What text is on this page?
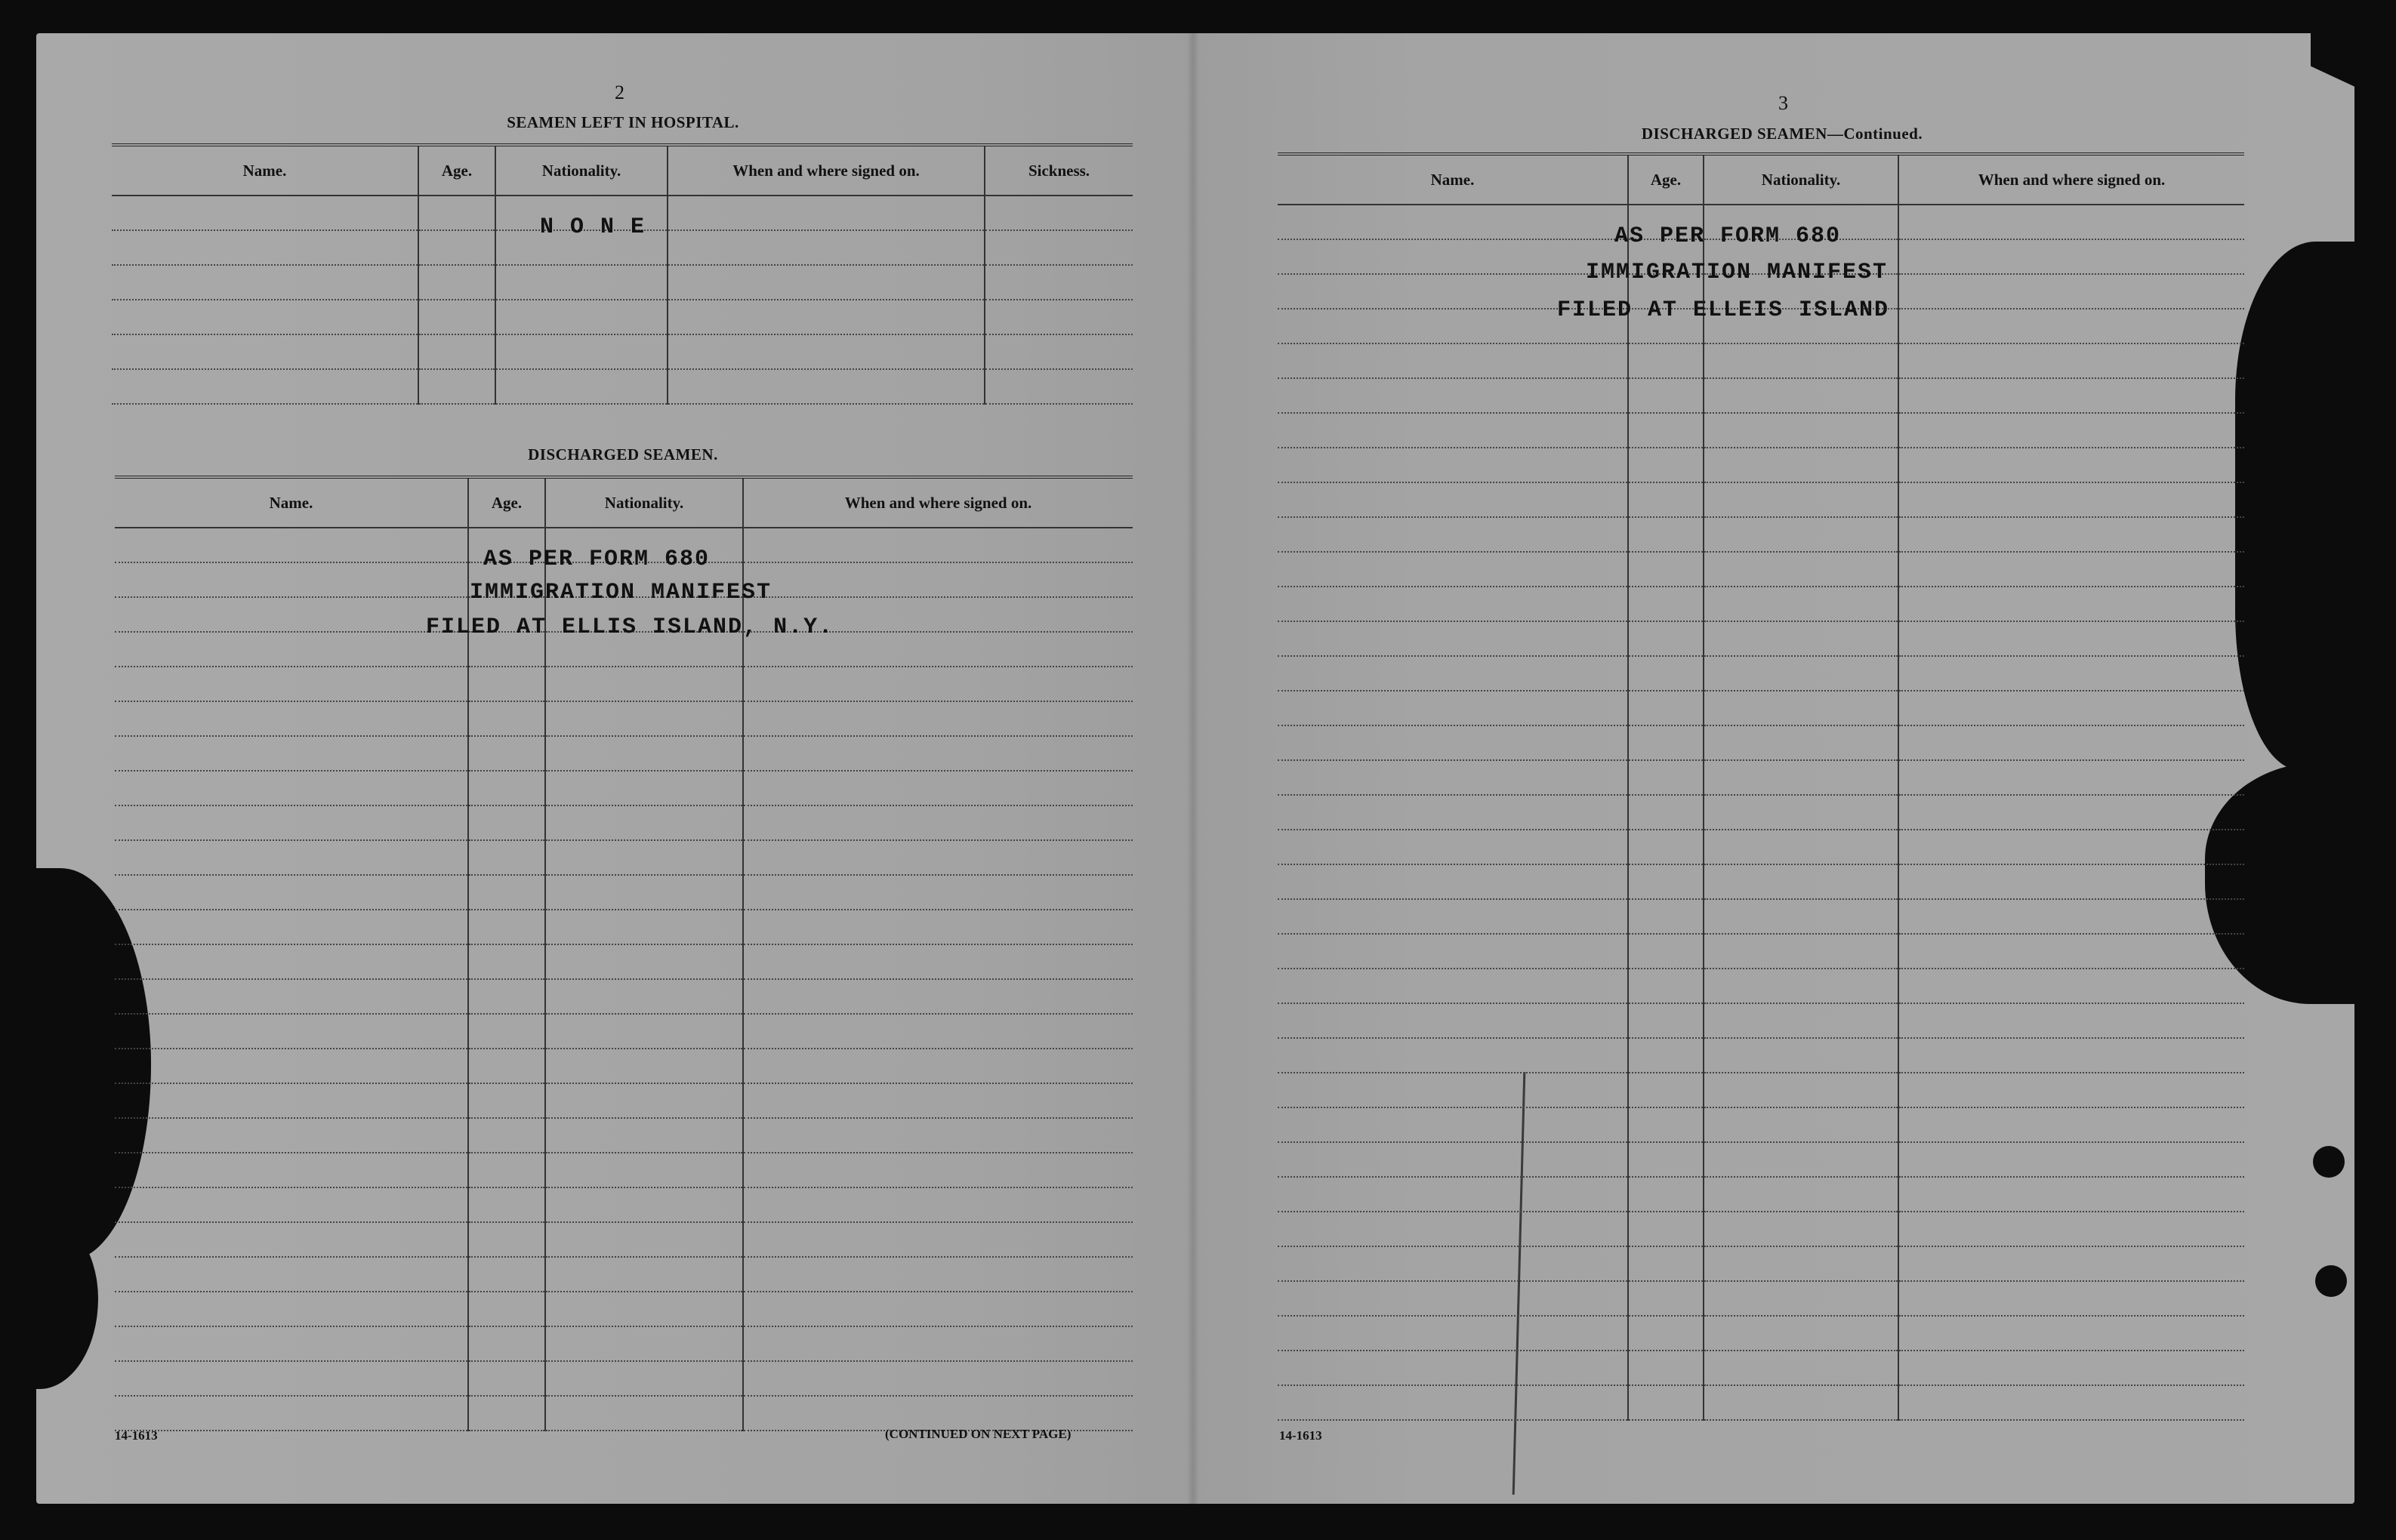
2
SEAMEN LEFT IN HOSPITAL.
Name.	Age.	Nationality.	When and where signed on.	Sickness.

N O N E
DISCHARGED SEAMEN.
Name.	Age.	Nationality.	When and where signed on.

AS PER FORM 680
IMMIGRATION MANIFEST
FILED AT ELLIS ISLAND, N.Y.
14-1613	(CONTINUED ON NEXT PAGE)
3
DISCHARGED SEAMEN—Continued.
Name.	Age.	Nationality.	When and where signed on.

AS PER FORM 680
IMMIGRATION MANIFEST
FILED AT ELLEIS ISLAND
14-1613
